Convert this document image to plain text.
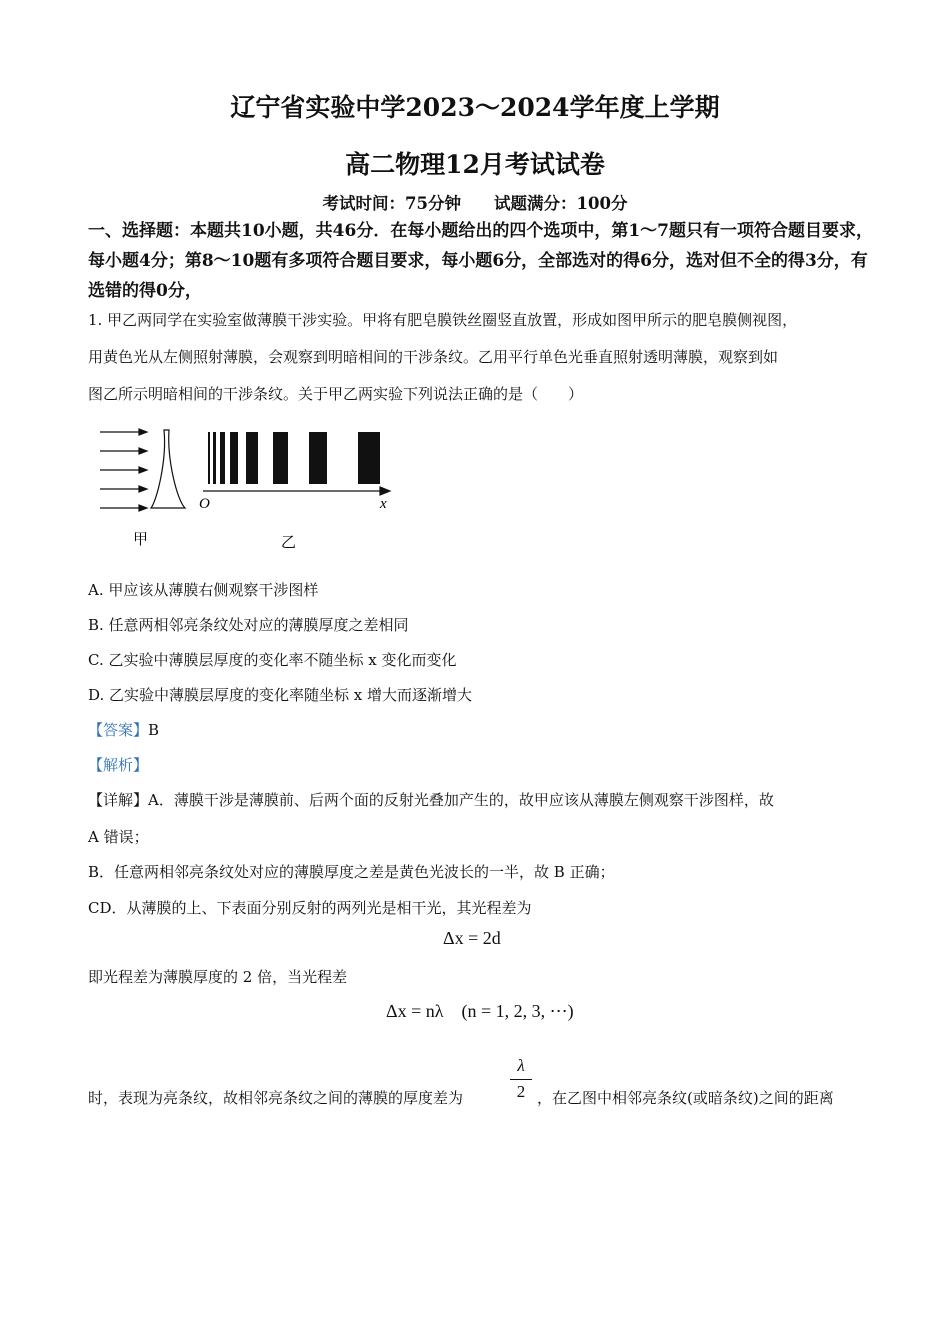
辽宁省实验中学2023～2024学年度上学期
高二物理12月考试试卷
考试时间：75分钟　　试题满分：100分
一、选择题：本题共10小题，共46分．在每小题给出的四个选项中，第1～7题只有一项符合题目要求，每小题4分；第8～10题有多项符合题目要求，每小题6分，全部选对的得6分，选对但不全的得3分，有选错的得0分，
1. 甲乙两同学在实验室做薄膜干涉实验。甲将有肥皂膜铁丝圈竖直放置，形成如图甲所示的肥皂膜侧视图，
用黄色光从左侧照射薄膜，会观察到明暗相间的干涉条纹。乙用平行单色光垂直照射透明薄膜，观察到如
图乙所示明暗相间的干涉条纹。关于甲乙两实验下列说法正确的是（　　）
O	x
甲	乙
A. 甲应该从薄膜右侧观察干涉图样
B. 任意两相邻亮条纹处对应的薄膜厚度之差相同
C. 乙实验中薄膜层厚度的变化率不随坐标 x 变化而变化
D. 乙实验中薄膜层厚度的变化率随坐标 x 增大而逐渐增大
【答案】B
【解析】
【详解】A．薄膜干涉是薄膜前、后两个面的反射光叠加产生的，故甲应该从薄膜左侧观察干涉图样，故
A 错误；
B．任意两相邻亮条纹处对应的薄膜厚度之差是黄色光波长的一半，故 B 正确；
CD．从薄膜的上、下表面分别反射的两列光是相干光，其光程差为
Δx = 2d
即光程差为薄膜厚度的 2 倍，当光程差
Δx = nλ　(n = 1, 2, 3, ⋯)
时，表现为亮条纹，故相邻亮条纹之间的薄膜的厚度差为
λ
2 ，在乙图中相邻亮条纹(或暗条纹)之间的距离
